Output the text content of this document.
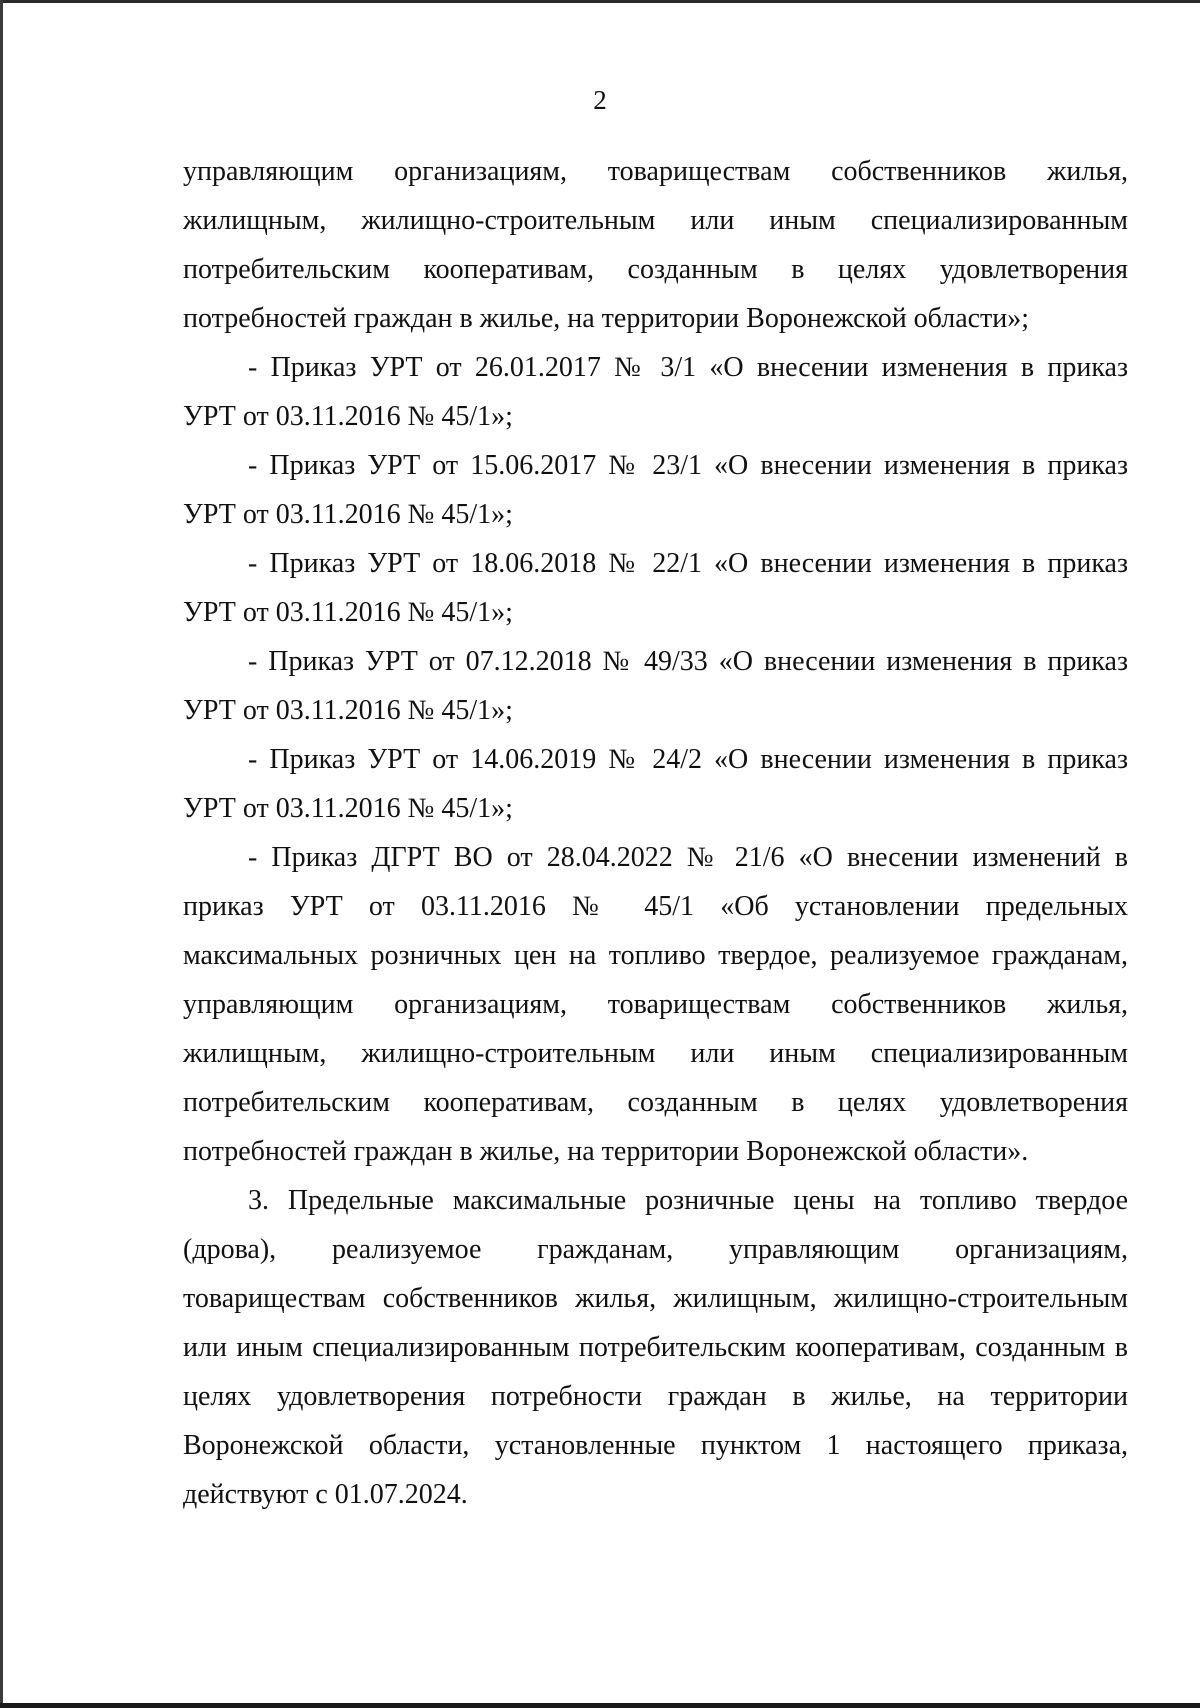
2
управляющим организациям, товариществам собственников жилья,
жилищным, жилищно-строительным или иным специализированным
потребительским кооперативам, созданным в целях удовлетворения
потребностей граждан в жилье, на территории Воронежской области»;
- Приказ УРТ от 26.01.2017 № 3/1 «О внесении изменения в приказ
УРТ от 03.11.2016 № 45/1»;
- Приказ УРТ от 15.06.2017 № 23/1 «О внесении изменения в приказ
УРТ от 03.11.2016 № 45/1»;
- Приказ УРТ от 18.06.2018 № 22/1 «О внесении изменения в приказ
УРТ от 03.11.2016 № 45/1»;
- Приказ УРТ от 07.12.2018 № 49/33 «О внесении изменения в приказ
УРТ от 03.11.2016 № 45/1»;
- Приказ УРТ от 14.06.2019 № 24/2 «О внесении изменения в приказ
УРТ от 03.11.2016 № 45/1»;
- Приказ ДГРТ ВО от 28.04.2022 № 21/6 «О внесении изменений в
приказ УРТ от 03.11.2016 № 45/1 «Об установлении предельных
максимальных розничных цен на топливо твердое, реализуемое гражданам,
управляющим организациям, товариществам собственников жилья,
жилищным, жилищно-строительным или иным специализированным
потребительским кооперативам, созданным в целях удовлетворения
потребностей граждан в жилье, на территории Воронежской области».
3. Предельные максимальные розничные цены на топливо твердое
(дрова), реализуемое гражданам, управляющим организациям,
товариществам собственников жилья, жилищным, жилищно-строительным
или иным специализированным потребительским кооперативам, созданным в
целях удовлетворения потребности граждан в жилье, на территории
Воронежской области, установленные пунктом 1 настоящего приказа,
действуют с 01.07.2024.
